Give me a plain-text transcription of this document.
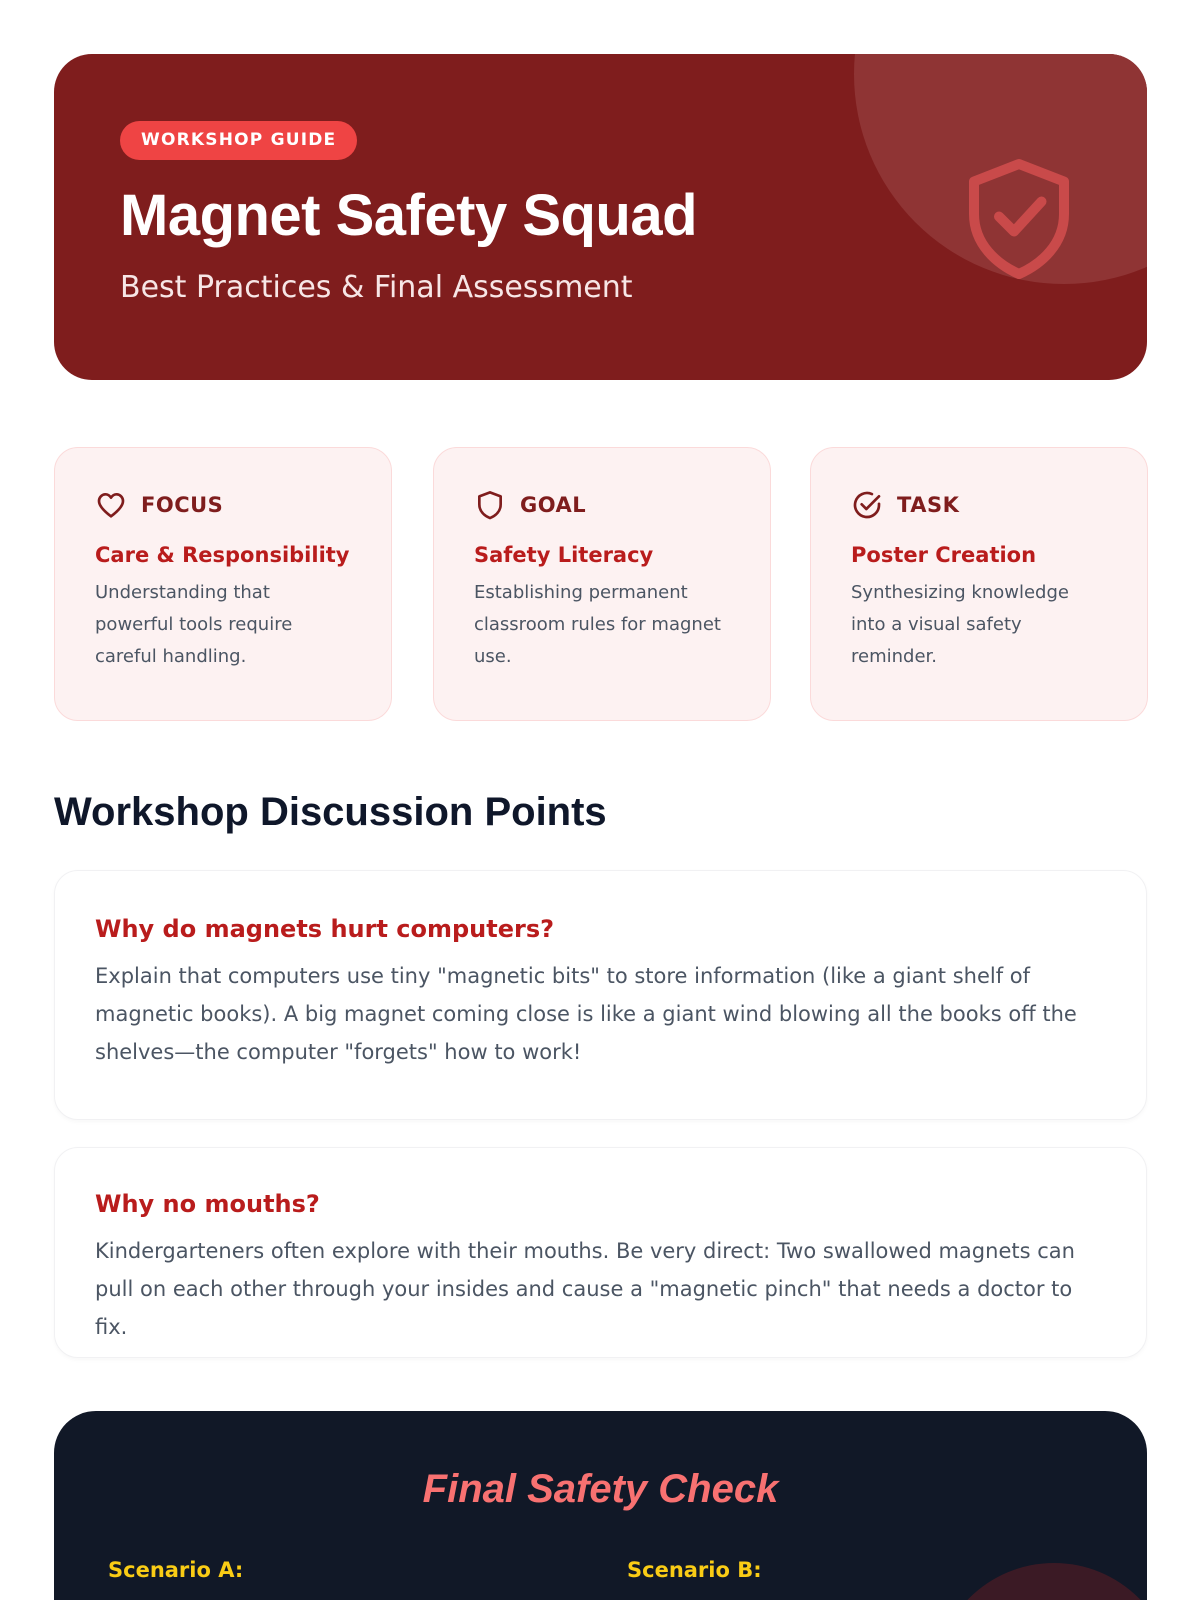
WORKSHOP GUIDE
Magnet Safety Squad
Best Practices & Final Assessment
FOCUS
Care & Responsibility
Understanding that powerful tools require careful handling.
GOAL
Safety Literacy
Establishing permanent classroom rules for magnet use.
TASK
Poster Creation
Synthesizing knowledge into a visual safety reminder.
Workshop Discussion Points
Why do magnets hurt computers?
Explain that computers use tiny "magnetic bits" to store information (like a giant shelf of magnetic books). A big magnet coming close is like a giant wind blowing all the books off the shelves—the computer "forgets" how to work!
Why no mouths?
Kindergarteners often explore with their mouths. Be very direct: Two swallowed magnets can pull on each other through your insides and cause a "magnetic pinch" that needs a doctor to fix.
Final Safety Check
Scenario A:	Scenario B:
